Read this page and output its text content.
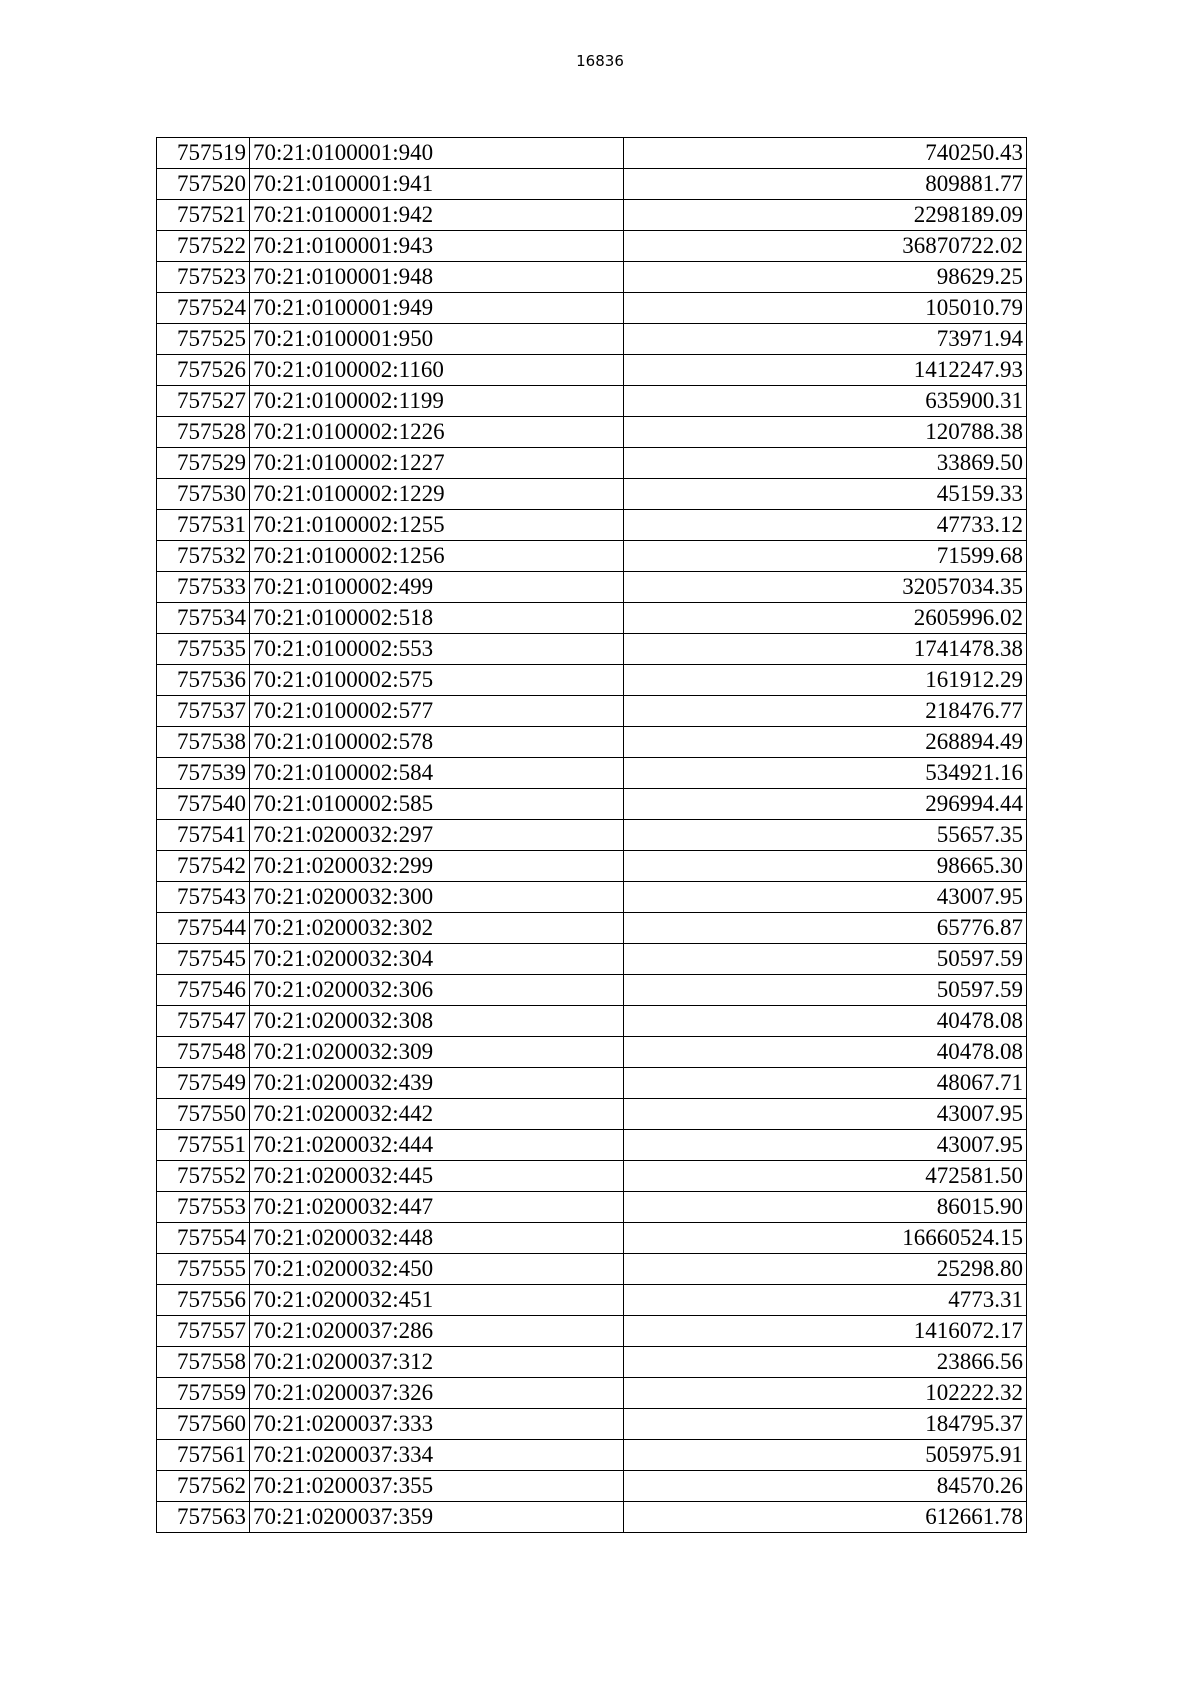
16836
757519	70:21:0100001:940	740250.43
757520	70:21:0100001:941	809881.77
757521	70:21:0100001:942	2298189.09
757522	70:21:0100001:943	36870722.02
757523	70:21:0100001:948	98629.25
757524	70:21:0100001:949	105010.79
757525	70:21:0100001:950	73971.94
757526	70:21:0100002:1160	1412247.93
757527	70:21:0100002:1199	635900.31
757528	70:21:0100002:1226	120788.38
757529	70:21:0100002:1227	33869.50
757530	70:21:0100002:1229	45159.33
757531	70:21:0100002:1255	47733.12
757532	70:21:0100002:1256	71599.68
757533	70:21:0100002:499	32057034.35
757534	70:21:0100002:518	2605996.02
757535	70:21:0100002:553	1741478.38
757536	70:21:0100002:575	161912.29
757537	70:21:0100002:577	218476.77
757538	70:21:0100002:578	268894.49
757539	70:21:0100002:584	534921.16
757540	70:21:0100002:585	296994.44
757541	70:21:0200032:297	55657.35
757542	70:21:0200032:299	98665.30
757543	70:21:0200032:300	43007.95
757544	70:21:0200032:302	65776.87
757545	70:21:0200032:304	50597.59
757546	70:21:0200032:306	50597.59
757547	70:21:0200032:308	40478.08
757548	70:21:0200032:309	40478.08
757549	70:21:0200032:439	48067.71
757550	70:21:0200032:442	43007.95
757551	70:21:0200032:444	43007.95
757552	70:21:0200032:445	472581.50
757553	70:21:0200032:447	86015.90
757554	70:21:0200032:448	16660524.15
757555	70:21:0200032:450	25298.80
757556	70:21:0200032:451	4773.31
757557	70:21:0200037:286	1416072.17
757558	70:21:0200037:312	23866.56
757559	70:21:0200037:326	102222.32
757560	70:21:0200037:333	184795.37
757561	70:21:0200037:334	505975.91
757562	70:21:0200037:355	84570.26
757563	70:21:0200037:359	612661.78
